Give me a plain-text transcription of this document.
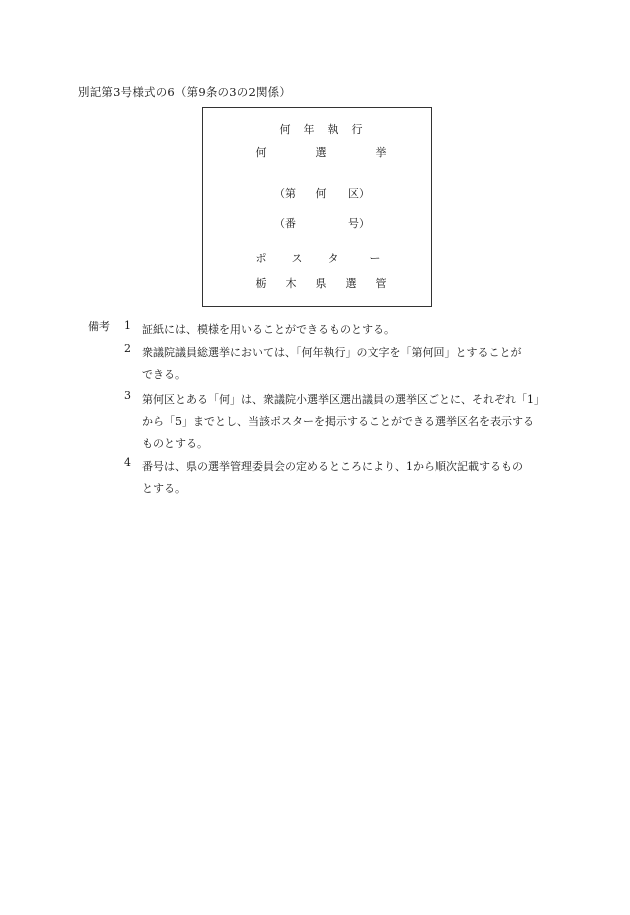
別記第3号様式の6（第9条の3の2関係）
何 年 執 行
何	選	挙
（第 何 区）
（番	号）
ポ ス タ	ー
栃 木 県 選 管
備考 1 証紙には、模様を用いることができるものとする。
2 衆議院議員総選挙においては、「何年執行」の文字を「第何回」とすることが
できる。
3 第何区とある「何」は、衆議院小選挙区選出議員の選挙区ごとに、それぞれ「1」
から「5」までとし、当該ポスターを掲示することができる選挙区名を表示する
ものとする。
4 番号は、県の選挙管理委員会の定めるところにより、1から順次記載するもの
とする。
